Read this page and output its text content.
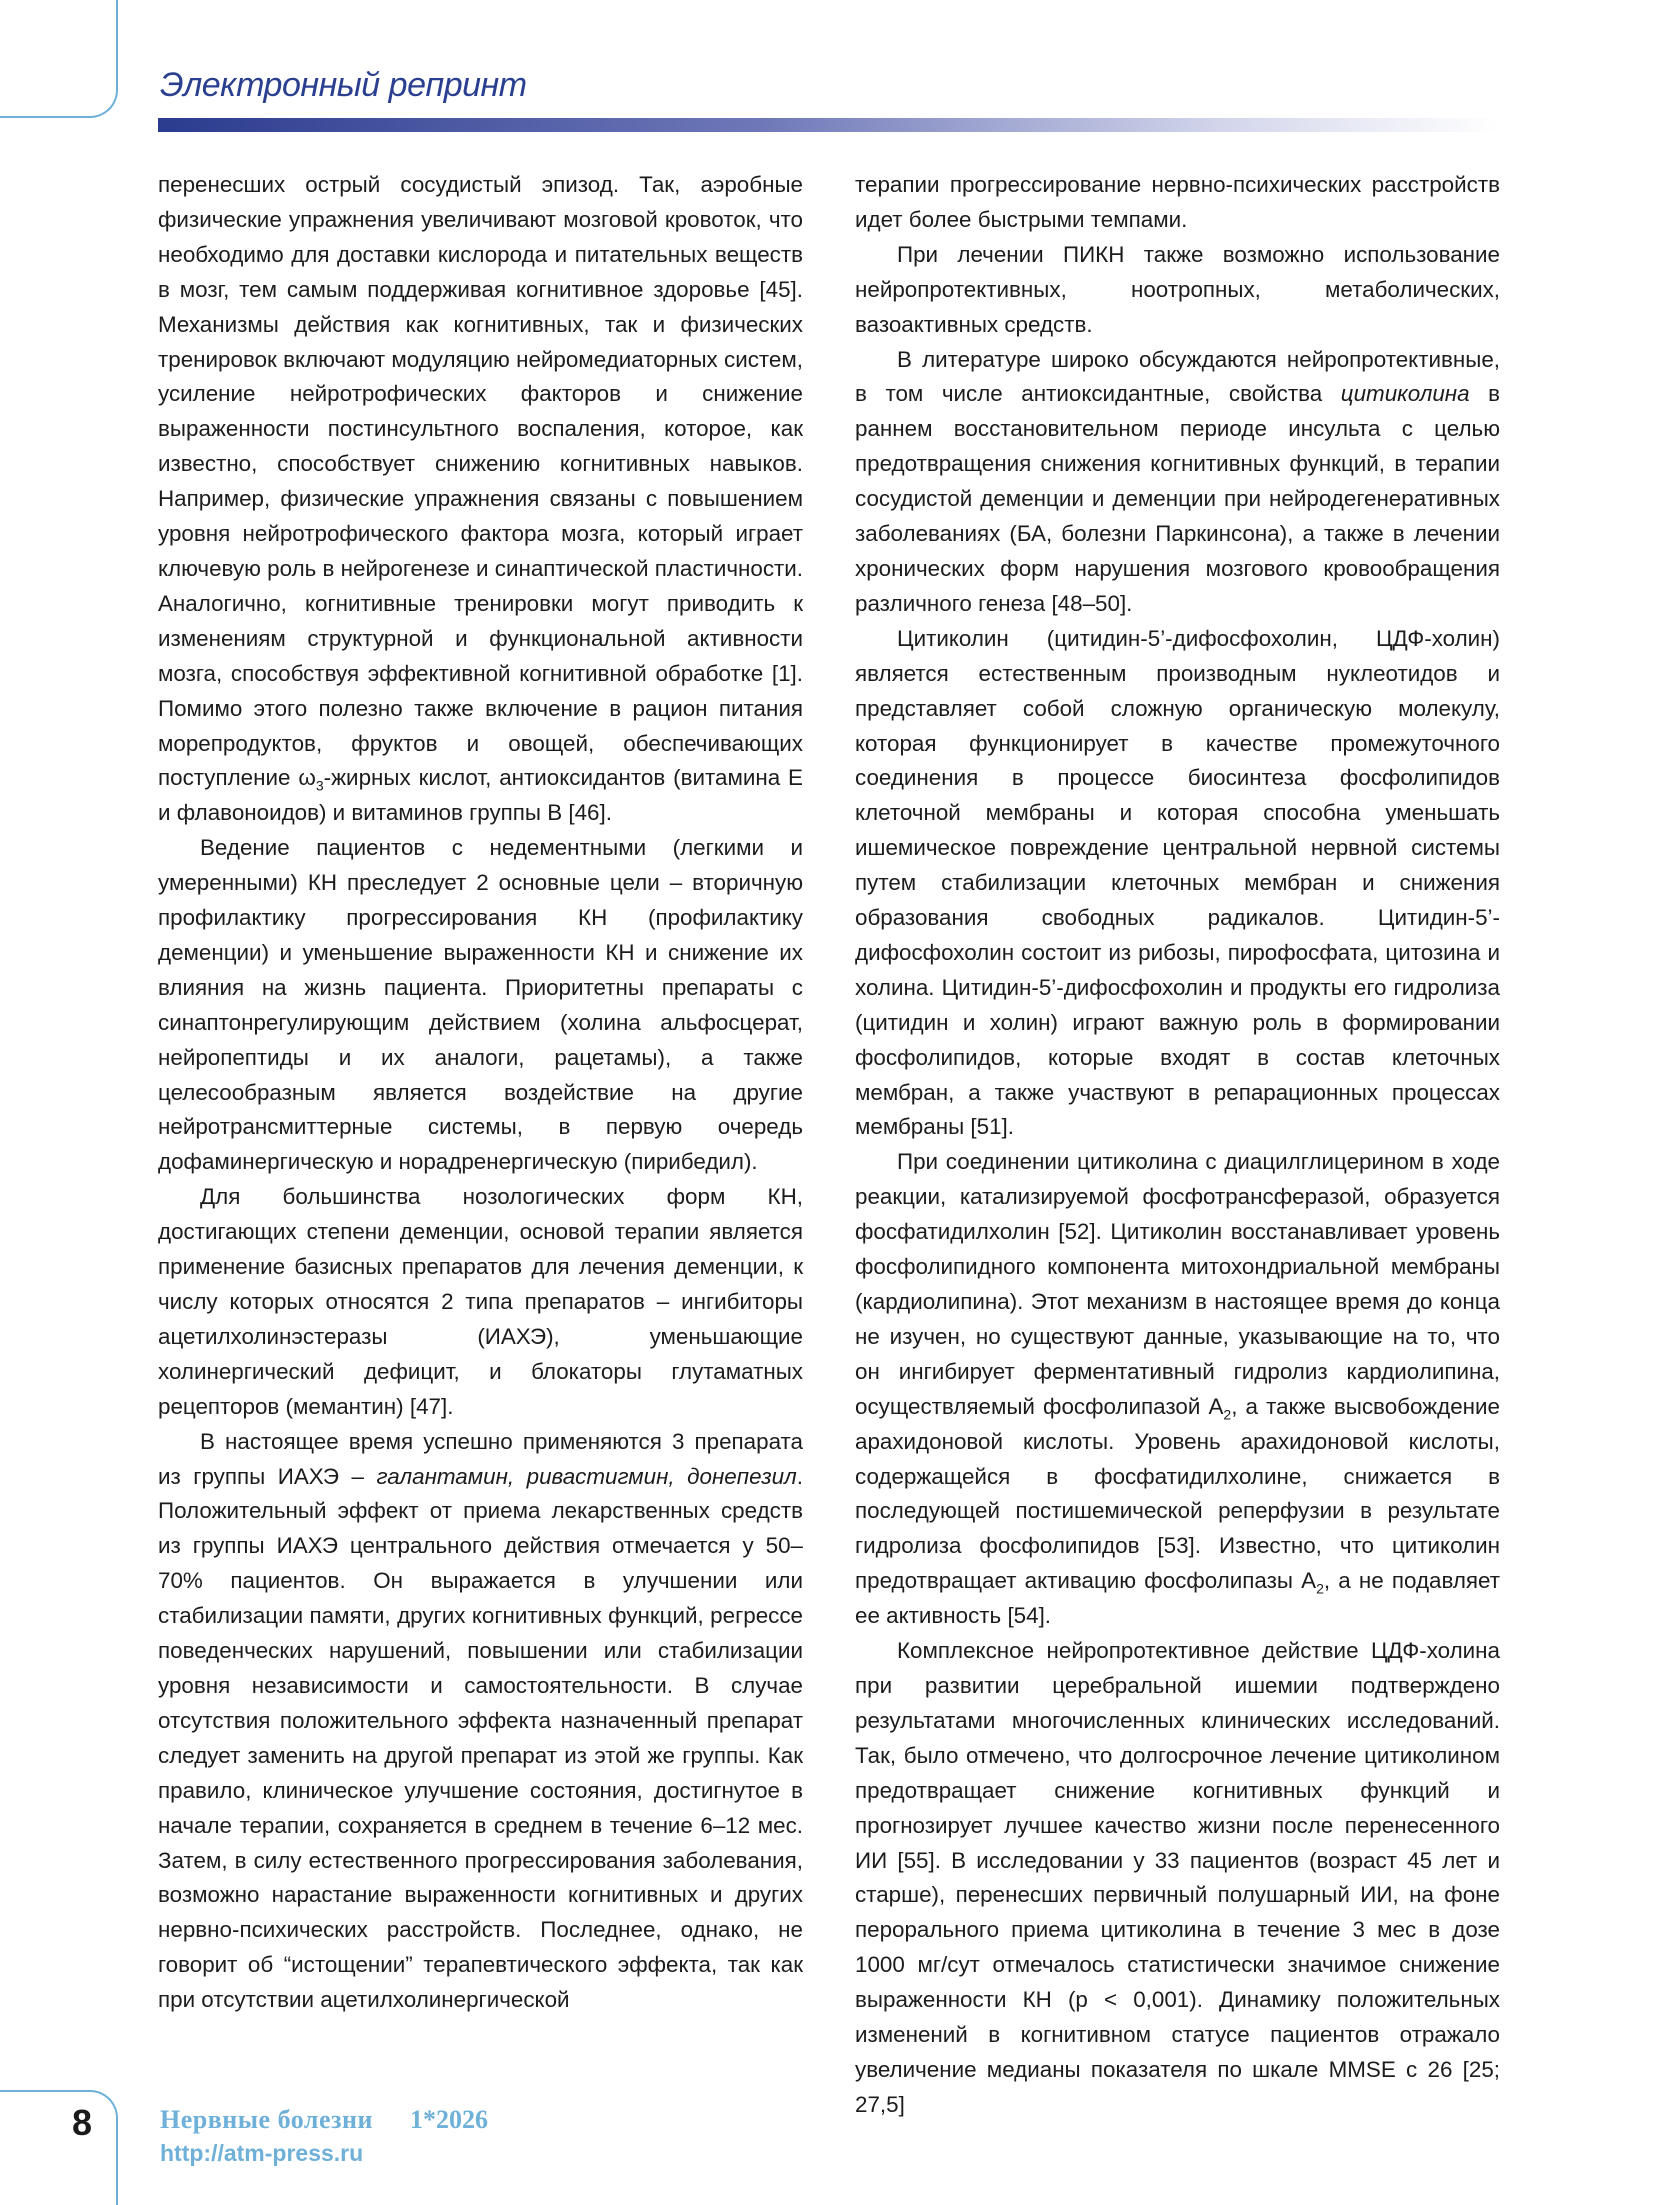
Электронный репринт

перенесших острый сосудистый эпизод. Так, аэробные физические упражнения увеличивают мозговой кровоток, что необходимо для доставки кислорода и питательных веществ в мозг, тем самым поддерживая когнитивное здоровье [45]. Механизмы действия как когнитивных, так и физических тренировок включают модуляцию нейромедиаторных систем, усиление нейротрофических факторов и снижение выраженности постинсультного воспаления, которое, как известно, способствует снижению когнитивных навыков. Например, физические упражнения связаны с повышением уровня нейротрофического фактора мозга, который играет ключевую роль в нейрогенезе и синаптической пластичности. Аналогично, когнитивные тренировки могут приводить к изменениям структурной и функциональной активности мозга, способствуя эффективной когнитивной обработке [1]. Помимо этого полезно также включение в рацион питания морепродуктов, фруктов и овощей, обеспечивающих поступление $\omega_3$-жирных кислот, антиоксидантов (витамина Е и флавоноидов) и витаминов группы В [46].

Ведение пациентов с недементными (легкими и умеренными) КН преследует 2 основные цели – вторичную профилактику прогрессирования КН (профилактику деменции) и уменьшение выраженности КН и снижение их влияния на жизнь пациента. Приоритетны препараты с синаптонрегулирующим действием (холина альфосцерат, нейропептиды и их аналоги, рацетамы), а также целесообразным является воздействие на другие нейротрансмиттерные системы, в первую очередь дофаминергическую и норадренергическую (пирибедил).

Для большинства нозологических форм КН, достигающих степени деменции, основой терапии является применение базисных препаратов для лечения деменции, к числу которых относятся 2 типа препаратов – ингибиторы ацетилхолинэстеразы (ИАХЭ), уменьшающие холинергический дефицит, и блокаторы глутаматных рецепторов (мемантин) [47].

В настоящее время успешно применяются 3 препарата из группы ИАХЭ – галантамин, ривастигмин, донепезил. Положительный эффект от приема лекарственных средств из группы ИАХЭ центрального действия отмечается у 50–70% пациентов. Он выражается в улучшении или стабилизации памяти, других когнитивных функций, регрессе поведенческих нарушений, повышении или стабилизации уровня независимости и самостоятельности. В случае отсутствия положительного эффекта назначенный препарат следует заменить на другой препарат из этой же группы. Как правило, клиническое улучшение состояния, достигнутое в начале терапии, сохраняется в среднем в течение 6–12 мес. Затем, в силу естественного прогрессирования заболевания, возможно нарастание выраженности когнитивных и других нервно-психических расстройств. Последнее, однако, не говорит об “истощении” терапевтического эффекта, так как при отсутствии ацетилхолинергической

терапии прогрессирование нервно-психических расстройств идет более быстрыми темпами.

При лечении ПИКН также возможно использование нейропротективных, ноотропных, метаболических, вазоактивных средств.

В литературе широко обсуждаются нейропротективные, в том числе антиоксидантные, свойства цитиколина в раннем восстановительном периоде инсульта с целью предотвращения снижения когнитивных функций, в терапии сосудистой деменции и деменции при нейродегенеративных заболеваниях (БА, болезни Паркинсона), а также в лечении хронических форм нарушения мозгового кровообращения различного генеза [48–50].

Цитиколин (цитидин-5’-дифосфохолин, ЦДФ-холин) является естественным производным нуклеотидов и представляет собой сложную органическую молекулу, которая функционирует в качестве промежуточного соединения в процессе биосинтеза фосфолипидов клеточной мембраны и которая способна уменьшать ишемическое повреждение центральной нервной системы путем стабилизации клеточных мембран и снижения образования свободных радикалов. Цитидин-5’-дифосфохолин состоит из рибозы, пирофосфата, цитозина и холина. Цитидин-5’-дифосфохолин и продукты его гидролиза (цитидин и холин) играют важную роль в формировании фосфолипидов, которые входят в состав клеточных мембран, а также участвуют в репарационных процессах мембраны [51].

При соединении цитиколина с диацилглицерином в ходе реакции, катализируемой фосфотрансферазой, образуется фосфатидилхолин [52]. Цитиколин восстанавливает уровень фосфолипидного компонента митохондриальной мембраны (кардиолипина). Этот механизм в настоящее время до конца не изучен, но существуют данные, указывающие на то, что он ингибирует ферментативный гидролиз кардиолипина, осуществляемый фосфолипазой $А_2$, а также высвобождение арахидоновой кислоты. Уровень арахидоновой кислоты, содержащейся в фосфатидилхолине, снижается в последующей постишемической реперфузии в результате гидролиза фосфолипидов [53]. Известно, что цитиколин предотвращает активацию фосфолипазы $А_2$, а не подавляет ее активность [54].

Комплексное нейропротективное действие ЦДФ-холина при развитии церебральной ишемии подтверждено результатами многочисленных клинических исследований. Так, было отмечено, что долгосрочное лечение цитиколином предотвращает снижение когнитивных функций и прогнозирует лучшее качество жизни после перенесенного ИИ [55]. В исследовании у 33 пациентов (возраст 45 лет и старше), перенесших первичный полушарный ИИ, на фоне перорального приема цитиколина в течение 3 мес в дозе 1000 мг/сут отмечалось статистически значимое снижение выраженности КН (p < 0,001). Динамику положительных изменений в когнитивном статусе пациентов отражало увеличение медианы показателя по шкале MMSE с 26 [25; 27,5]

8	Нервные болезни 1*2026
http://atm-press.ru
